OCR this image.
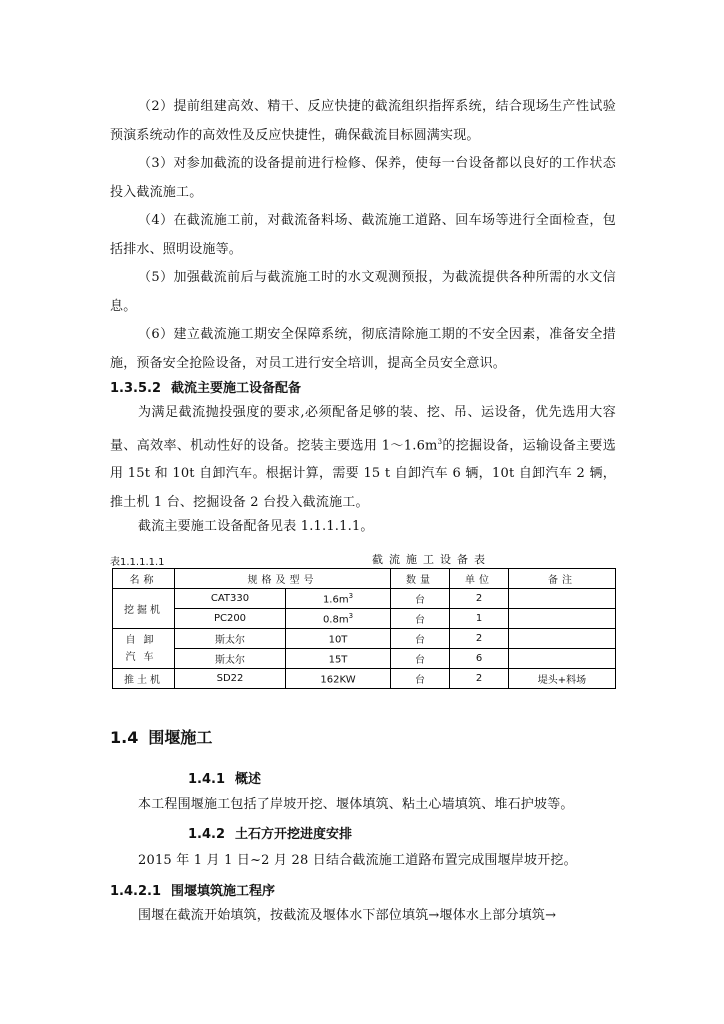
（2）提前组建高效、精干、反应快捷的截流组织指挥系统，结合现场生产性试验预演系统动作的高效性及反应快捷性，确保截流目标圆满实现。
（3）对参加截流的设备提前进行检修、保养，使每一台设备都以良好的工作状态投入截流施工。
（4）在截流施工前，对截流备料场、截流施工道路、回车场等进行全面检查，包括排水、照明设施等。
（5）加强截流前后与截流施工时的水文观测预报，为截流提供各种所需的水文信息。
（6）建立截流施工期安全保障系统，彻底清除施工期的不安全因素，准备安全措施，预备安全抢险设备，对员工进行安全培训，提高全员安全意识。
1.3.5.2 截流主要施工设备配备
为满足截流抛投强度的要求,必须配备足够的装、挖、吊、运设备，优先选用大容量、高效率、机动性好的设备。挖装主要选用 $1\sim 1.6m^3$的挖掘设备，运输设备主要选用 15t 和 10t 自卸汽车。根据计算，需要 15 t 自卸汽车 6 辆，10t 自卸汽车 2 辆，推土机 1 台、挖掘设备 2 台投入截流施工。
截流主要施工设备配备见表 1.1.1.1.1。
表1.1.1.1.1	截流施工设备表
名称	规格及型号		数量	单位	备注
挖掘机	CAT330	$1.6m^3$	台	2	
	PC200	$0.8m^3$	台	1	
自卸汽车	斯太尔	10T	台	2	
	斯太尔	15T	台	6	
推土机	SD22	162KW	台	2	堤头+料场
1.4 围堰施工
1.4.1 概述
本工程围堰施工包括了岸坡开挖、堰体填筑、粘土心墙填筑、堆石护坡等。
1.4.2 土石方开挖进度安排
2015 年 1 月 1 日~2 月 28 日结合截流施工道路布置完成围堰岸坡开挖。
1.4.2.1 围堰填筑施工程序
围堰在截流开始填筑，按截流及堰体水下部位填筑→堰体水上部分填筑→
